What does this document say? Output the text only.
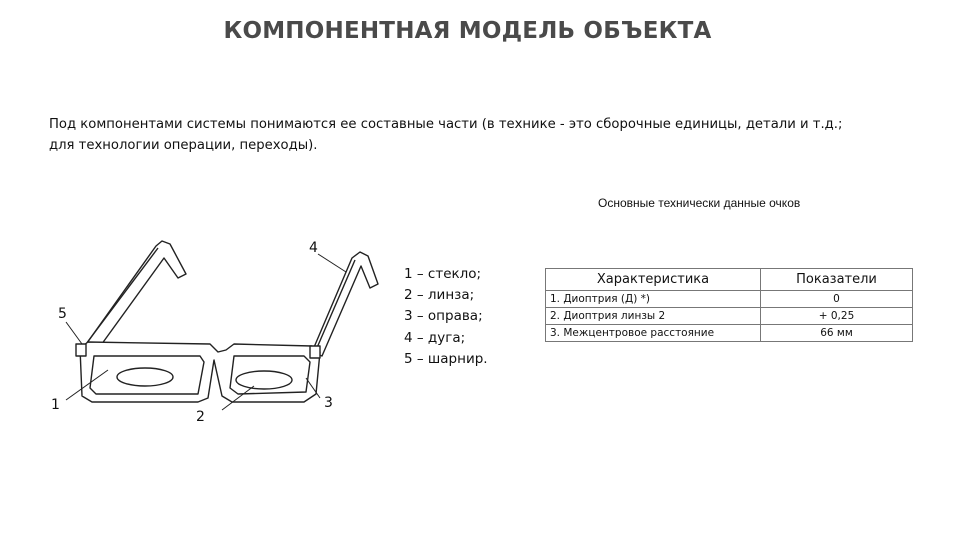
КОМПОНЕНТНАЯ МОДЕЛЬ ОБЪЕКТА
Под компонентами системы понимаются ее составные части (в технике - это сборочные единицы, детали и т.д.;
для технологии операции, переходы).
4
5
1
2
3
1 – стекло;
2 – линза;
3 – оправа;
4 – дуга;
5 – шарнир.
Основные технически данные очков
Характеристика	Показатели
1. Диоптрия (Д) *)	0
2. Диоптрия линзы 2	+ 0,25
3. Межцентровое расстояние	66 мм
